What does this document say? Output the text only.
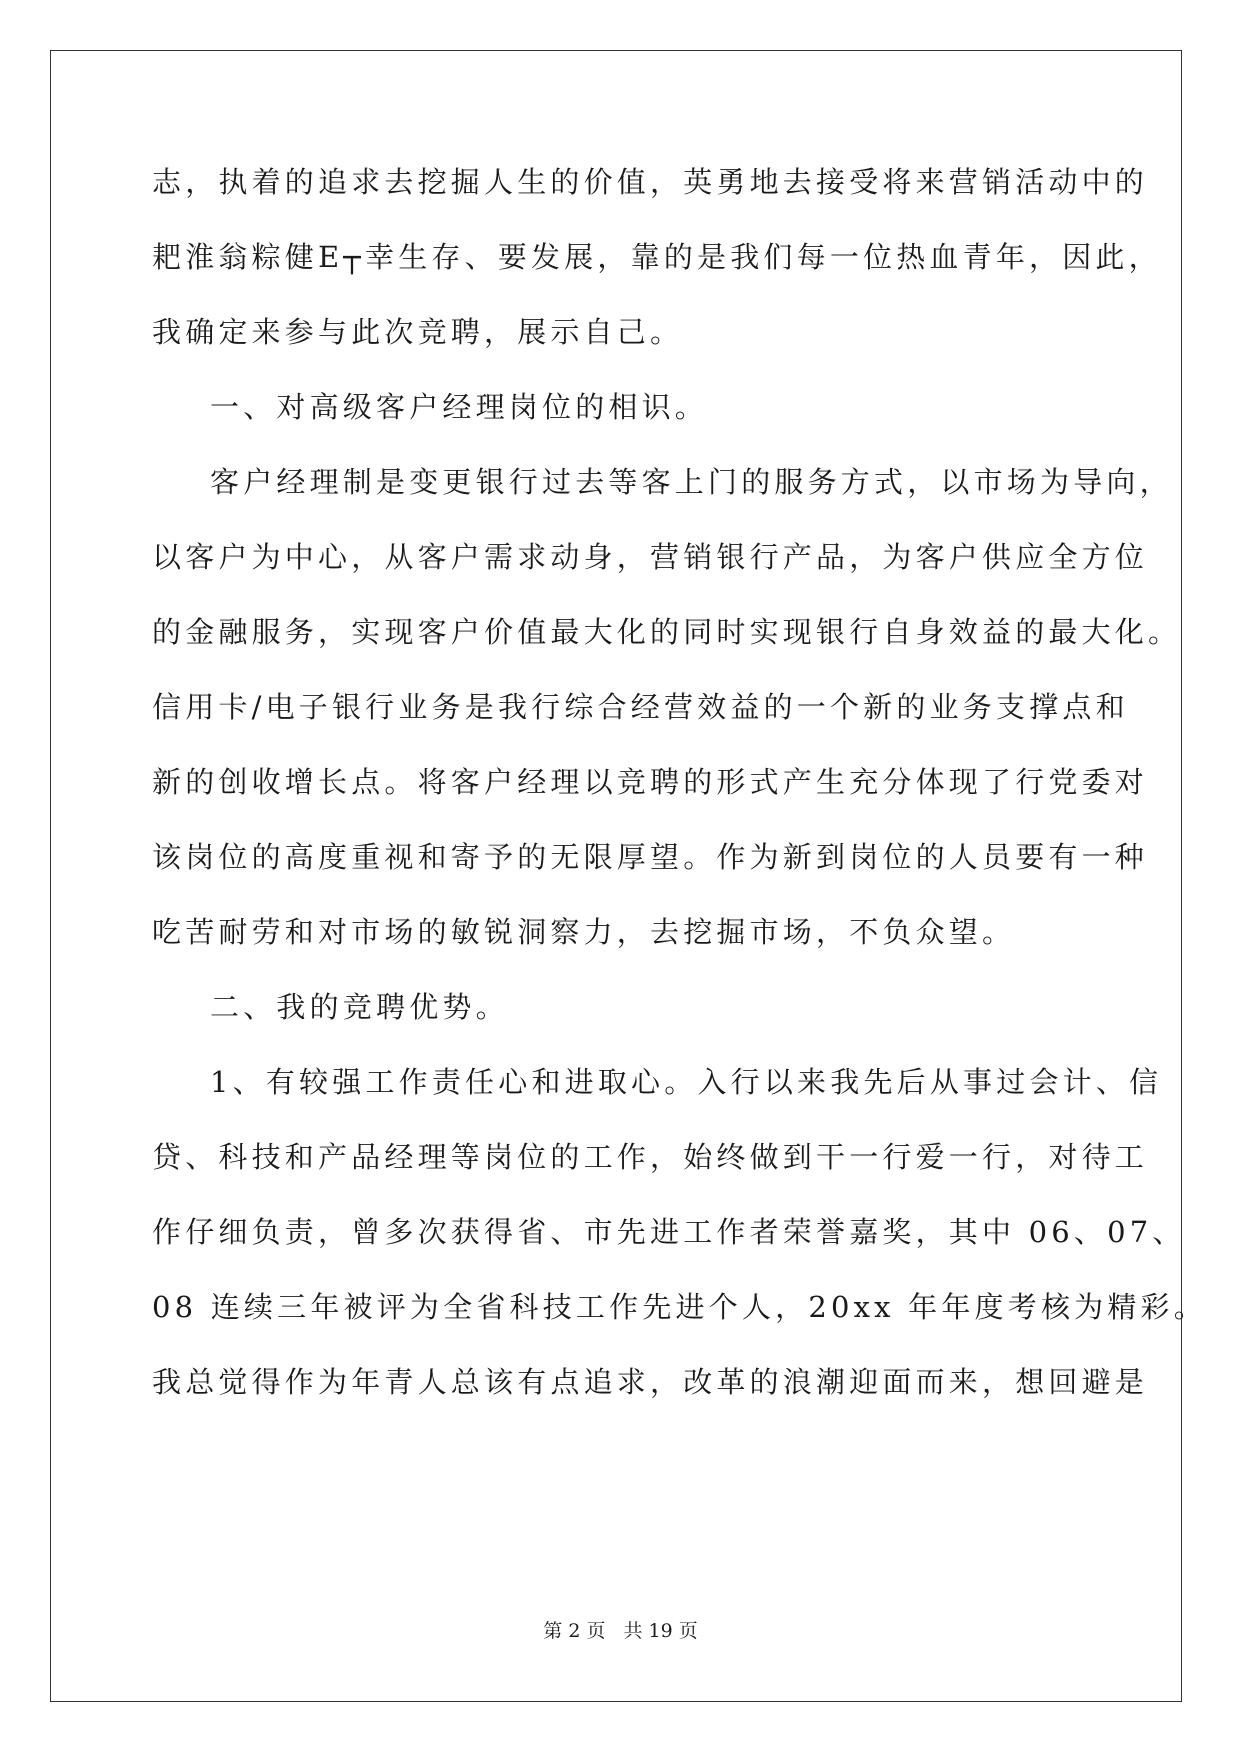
志，执着的追求去挖掘人生的价值，英勇地去接受将来营销活动中的
耙淮翁粽健E┬幸生存、要发展，靠的是我们每一位热血青年，因此，
我确定来参与此次竞聘，展示自己。
一、对高级客户经理岗位的相识。
客户经理制是变更银行过去等客上门的服务方式，以市场为导向，
以客户为中心，从客户需求动身，营销银行产品，为客户供应全方位
的金融服务，实现客户价值最大化的同时实现银行自身效益的最大化。
信用卡/电子银行业务是我行综合经营效益的一个新的业务支撑点和
新的创收增长点。将客户经理以竞聘的形式产生充分体现了行党委对
该岗位的高度重视和寄予的无限厚望。作为新到岗位的人员要有一种
吃苦耐劳和对市场的敏锐洞察力，去挖掘市场，不负众望。
二、我的竞聘优势。
1、有较强工作责任心和进取心。入行以来我先后从事过会计、信
贷、科技和产品经理等岗位的工作，始终做到干一行爱一行，对待工
作仔细负责，曾多次获得省、市先进工作者荣誉嘉奖，其中 06、07、
08 连续三年被评为全省科技工作先进个人，20xx 年年度考核为精彩。
我总觉得作为年青人总该有点追求，改革的浪潮迎面而来，想回避是
第 2 页 共 19 页
